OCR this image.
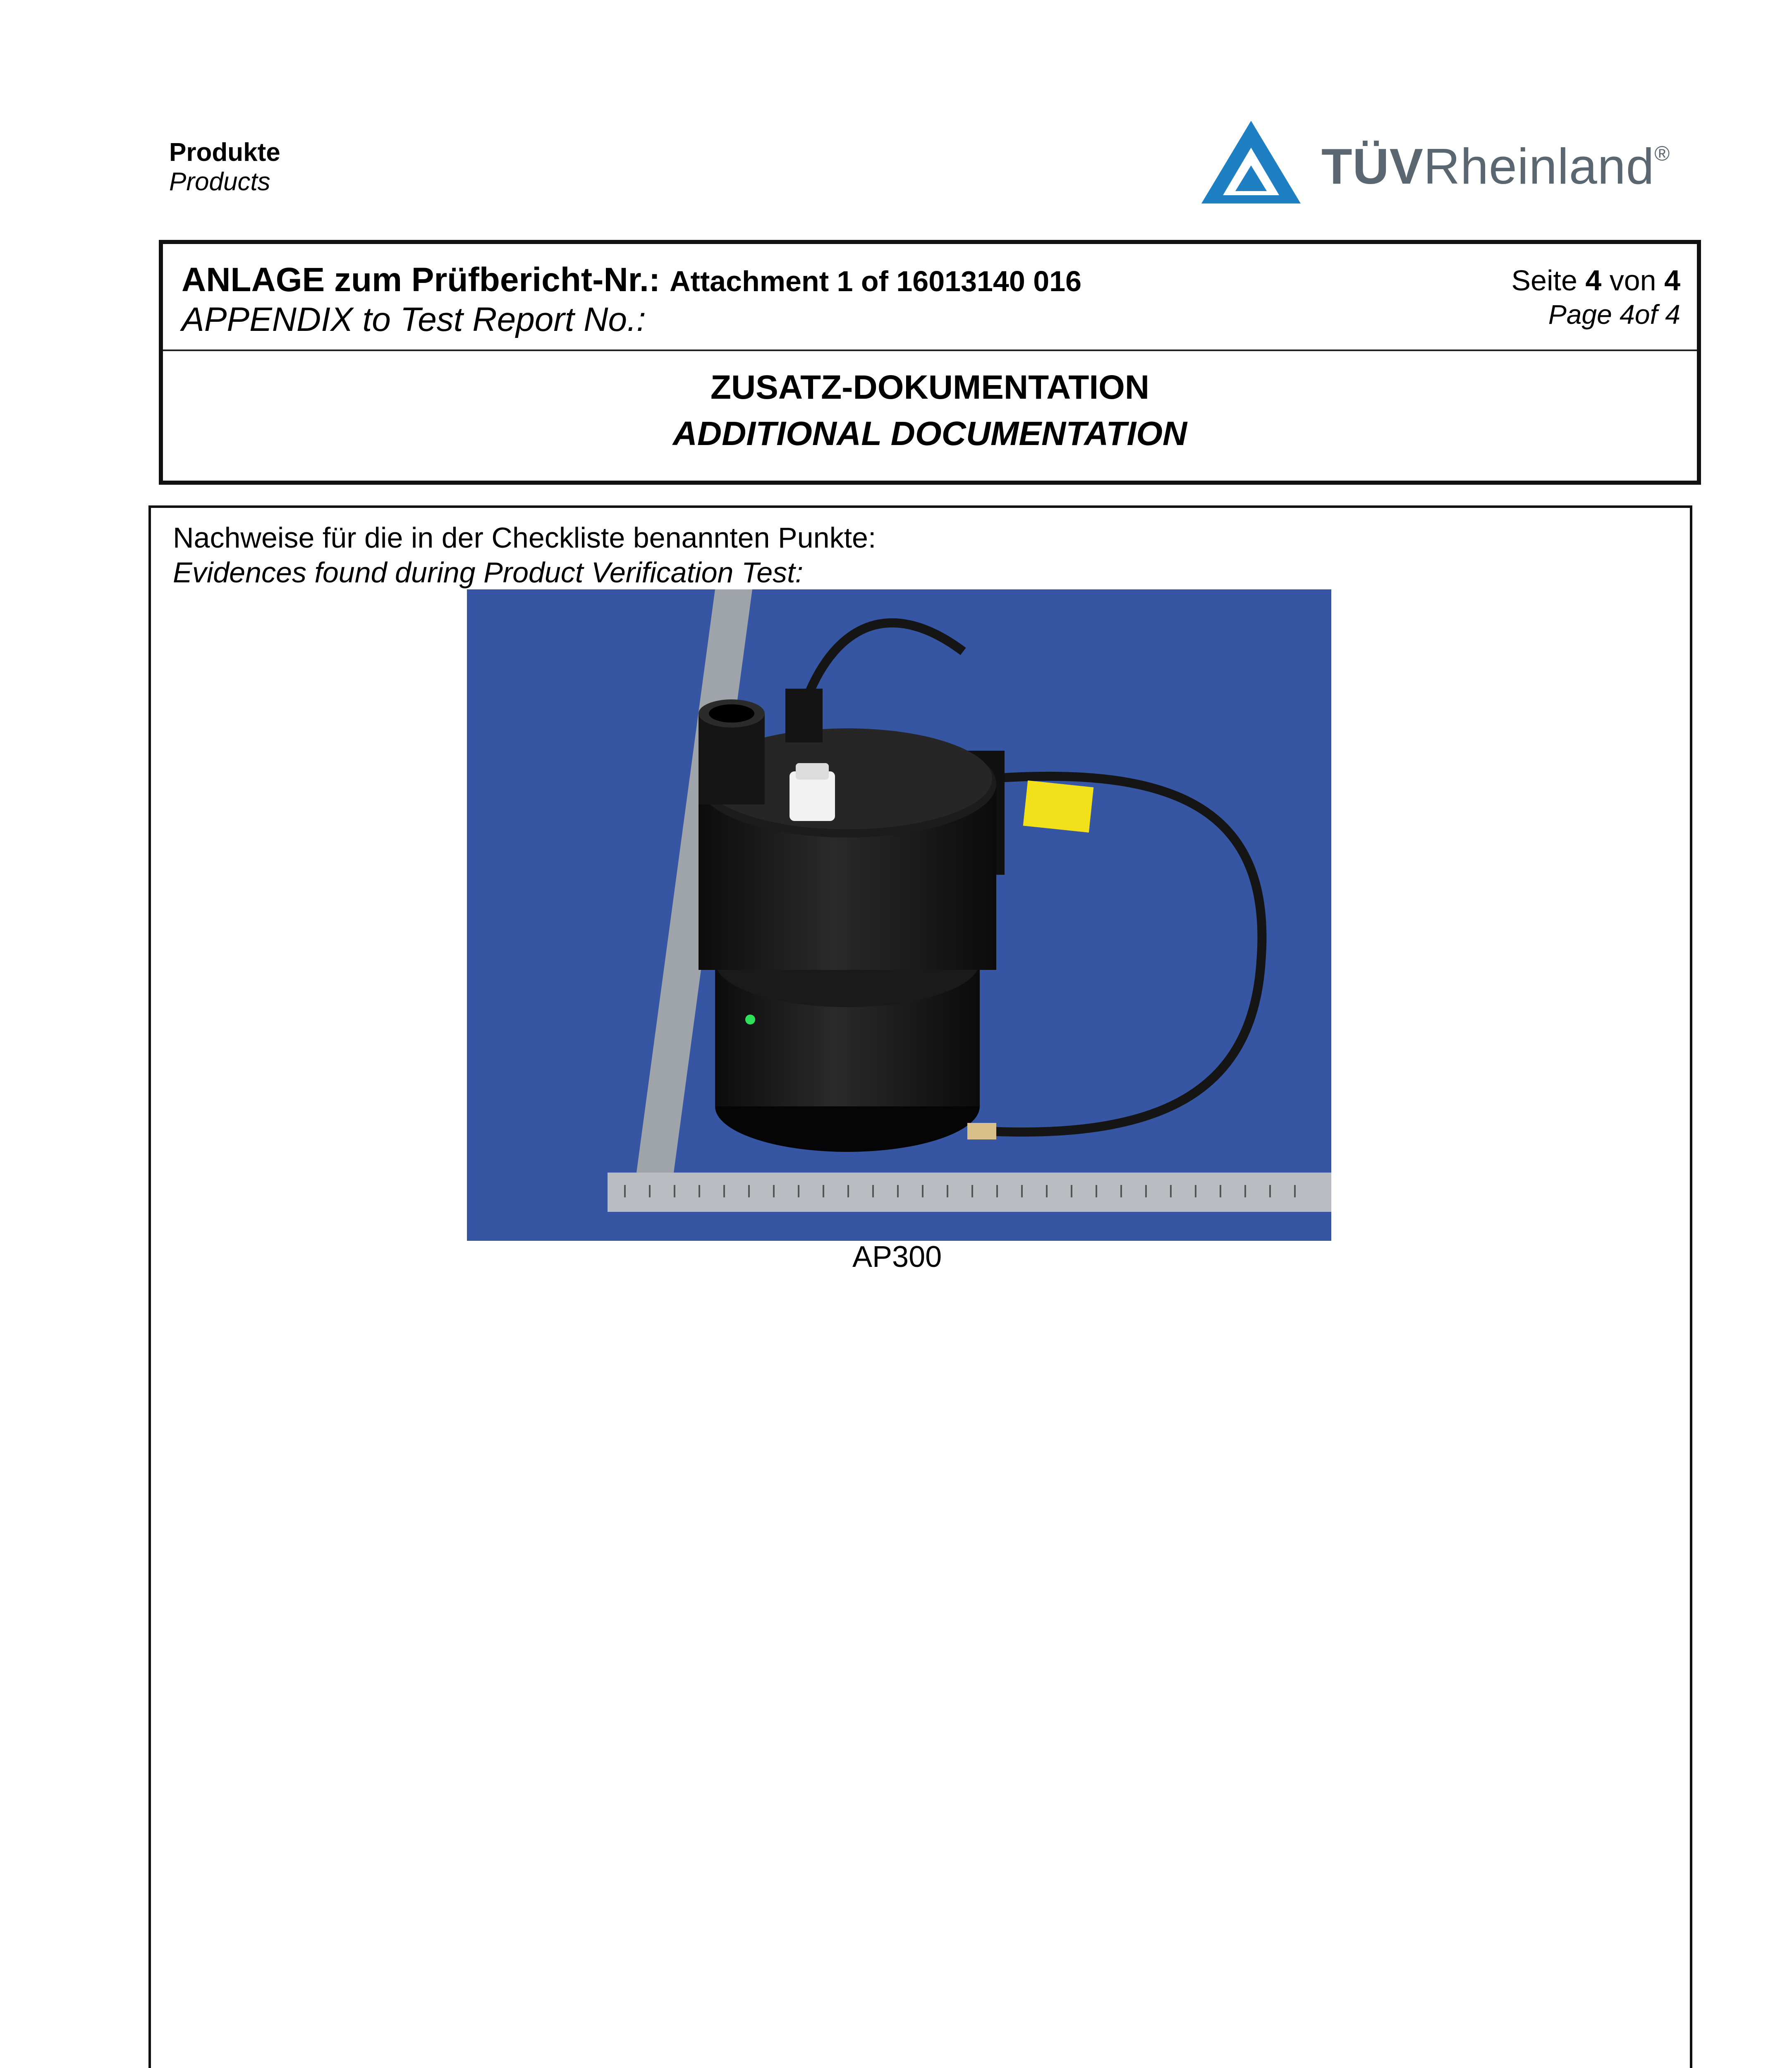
Produkte
Products	TÜVRheinland®
ANLAGE zum Prüfbericht-Nr.: Attachment 1 of 16013140 016
APPENDIX to Test Report No.:
Seite 4 von 4
Page 4of 4
ZUSATZ-DOKUMENTATION
ADDITIONAL DOCUMENTATION
Nachweise für die in der Checkliste benannten Punkte:
Evidences found during Product Verification Test:
AP300
